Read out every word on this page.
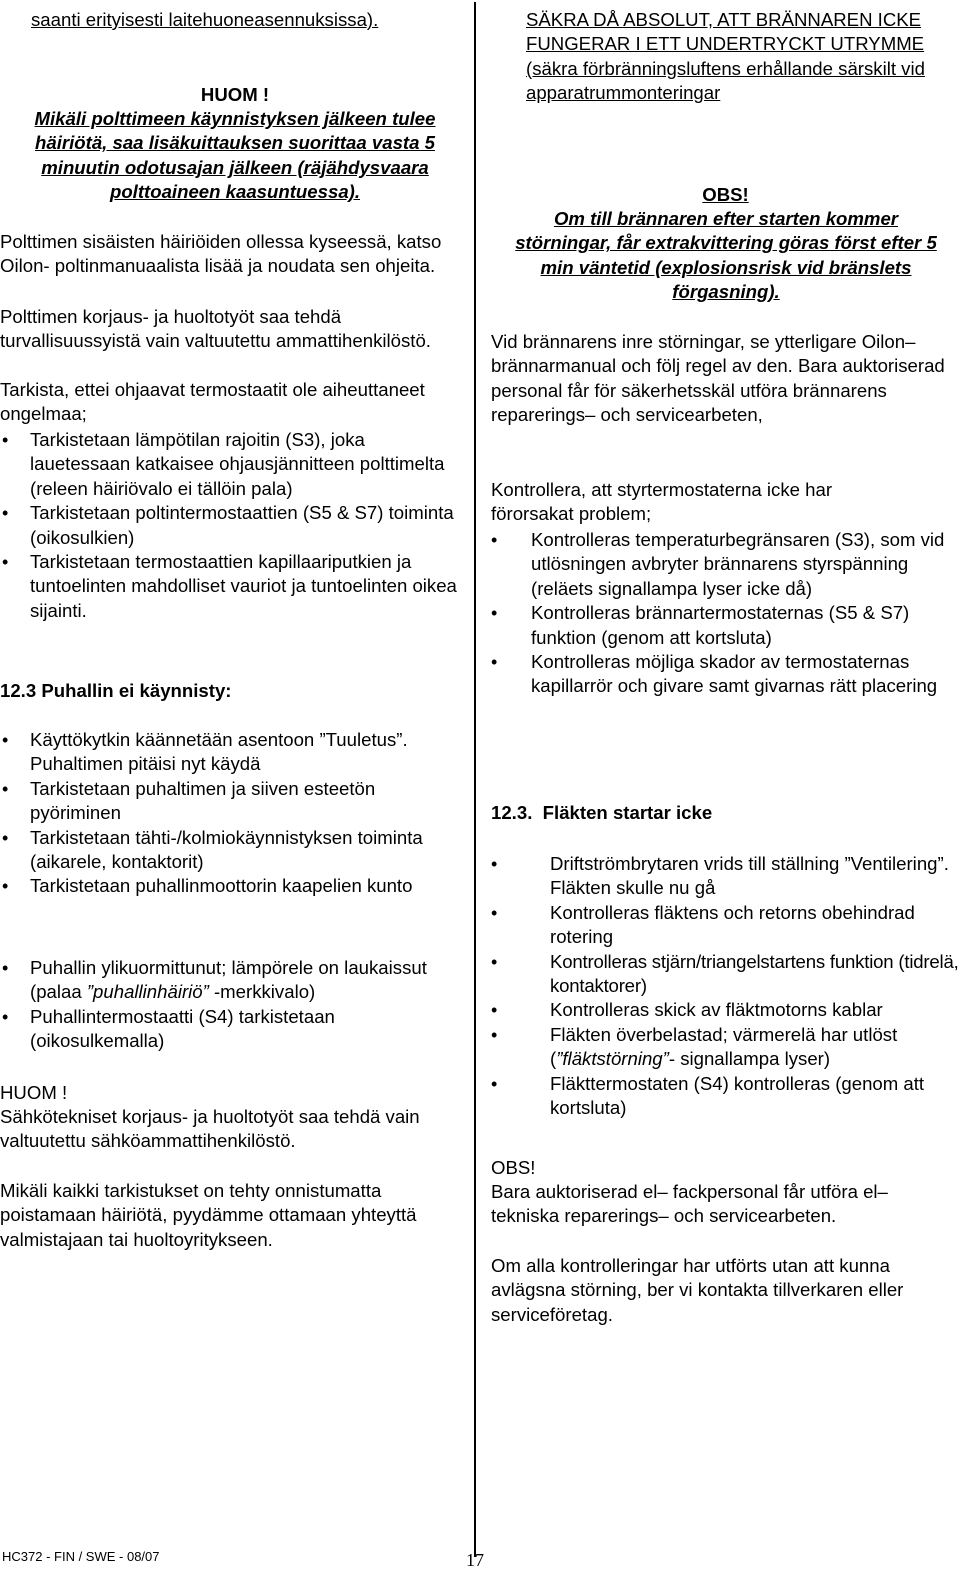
saanti erityisesti laitehuoneasennuksissa).

HUOM !

Mikäli polttimeen käynnistyksen jälkeen tulee häiriötä, saa lisäkuittauksen suorittaa vasta 5 minuutin odotusajan jälkeen (räjähdysvaara polttoaineen kaasuntuessa).

Polttimen sisäisten häiriöiden ollessa kyseessä, katso Oilon- poltinmanuaalista lisää ja noudata sen ohjeita.

Polttimen korjaus- ja huoltotyöt saa tehdä turvallisuussyistä vain valtuutettu ammattihenkilöstö.

Tarkista, ettei ohjaavat termostaatit ole aiheuttaneet ongelmaa;

• Tarkistetaan lämpötilan rajoitin (S3), joka lauetessaan katkaisee ohjausjännitteen polttimelta (releen häiriövalo ei tällöin pala)
• Tarkistetaan poltintermostaattien (S5 & S7) toiminta (oikosulkien)
• Tarkistetaan termostaattien kapillaariputkien ja tuntoelinten mahdolliset vauriot ja tuntoelinten oikea sijainti.

12.3 Puhallin ei käynnisty:

• Käyttökytkin käännetään asentoon ”Tuuletus”. Puhaltimen pitäisi nyt käydä
• Tarkistetaan puhaltimen ja siiven esteetön pyöriminen
• Tarkistetaan tähti-/kolmiokäynnistyksen toiminta (aikarele, kontaktorit)
• Tarkistetaan puhallinmoottorin kaapelien kunto
• Puhallin ylikuormittunut; lämpörele on laukaissut (palaa ”puhallinhäiriö” -merkkivalo)
• Puhallintermostaatti (S4) tarkistetaan (oikosulkemalla)

HUOM !

Sähkötekniset korjaus- ja huoltotyöt saa tehdä vain valtuutettu sähköammattihenkilöstö.

Mikäli kaikki tarkistukset on tehty onnistumatta poistamaan häiriötä, pyydämme ottamaan yhteyttä valmistajaan tai huoltoyritykseen.

SÄKRA DÅ ABSOLUT, ATT BRÄNNAREN ICKE FUNGERAR I ETT UNDERTRYCKT UTRYMME (säkra förbränningsluftens erhållande särskilt vid apparatrummonteringar

OBS!

Om till brännaren efter starten kommer störningar, får extrakvittering göras först efter 5 min väntetid (explosionsrisk vid bränslets förgasning).

Vid brännarens inre störningar, se ytterligare Oilon– brännarmanual och följ regel av den. Bara auktoriserad personal får för säkerhetsskäl utföra brännarens reparerings– och servicearbeten,

Kontrollera, att styrtermostaterna icke har förorsakat problem;

• Kontrolleras temperaturbegränsaren (S3), som vid utlösningen avbryter brännarens styrspänning (reläets signallampa lyser icke då)
• Kontrolleras brännartermostaternas (S5 & S7) funktion (genom att kortsluta)
• Kontrolleras möjliga skador av termostaternas kapillarrör och givare samt givarnas rätt placering

12.3.  Fläkten startar icke

• Driftströmbrytaren vrids till ställning ”Ventilering”. Fläkten skulle nu gå
• Kontrolleras fläktens och retorns obehindrad rotering
• Kontrolleras stjärn/triangelstartens funktion (tidrelä, kontaktorer)
• Kontrolleras skick av fläktmotorns kablar
• Fläkten överbelastad; värmerelä har utlöst (”fläktstörning”- signallampa lyser)
• Fläkttermostaten (S4) kontrolleras (genom att kortsluta)

OBS!

Bara auktoriserad el– fackpersonal får utföra el– tekniska reparerings– och servicearbeten.

Om alla kontrolleringar har utförts utan att kunna avlägsna störning, ber vi kontakta tillverkaren eller serviceföretag.

HC372 - FIN / SWE - 08/07	17
